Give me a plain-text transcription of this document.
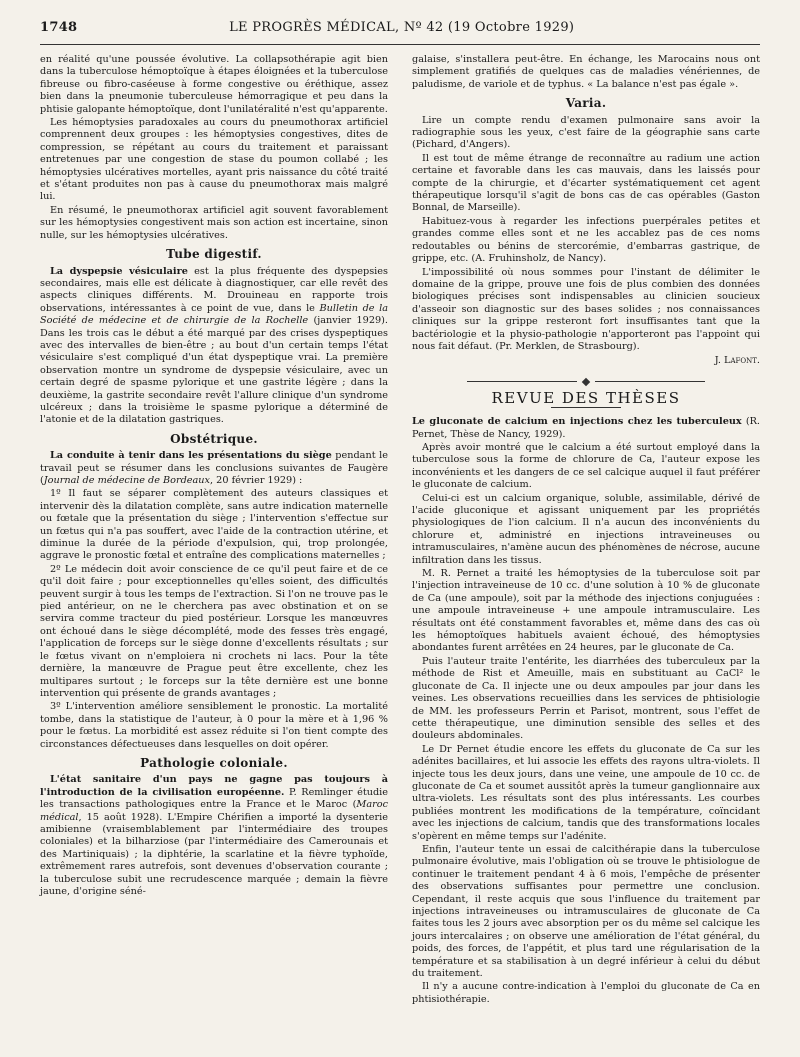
1748	LE PROGRÈS MÉDICAL, Nº 42 (19 Octobre 1929)

en réalité qu'une poussée évolutive. La collapsothérapie agit bien dans la tuberculose hémoptoïque à étapes éloignées et la tuberculose fibreuse ou fibro-caséeuse à forme congestive ou éréthique, assez bien dans la pneumonie tuberculeuse hémorragique et peu dans la phtisie galopante hémoptoïque, dont l'unilatéralité n'est qu'apparente.

Les hémoptysies paradoxales au cours du pneumothorax artificiel comprennent deux groupes : les hémoptysies congestives, dites de compression, se répétant au cours du traitement et paraissant entretenues par une congestion de stase du poumon collabé ; les hémoptysies ulcératives mortelles, ayant pris naissance du côté traité et s'étant produites non pas à cause du pneumothorax mais malgré lui.

En résumé, le pneumothorax artificiel agit souvent favorablement sur les hémoptysies congestivent mais son action est incertaine, sinon nulle, sur les hémoptysies ulcératives.

Tube digestif.

La dyspepsie vésiculaire est la plus fréquente des dyspepsies secondaires, mais elle est délicate à diagnostiquer, car elle revêt des aspects cliniques différents. M. Drouineau en rapporte trois observations, intéressantes à ce point de vue, dans le Bulletin de la Société de médecine et de chirurgie de la Rochelle (janvier 1929). Dans les trois cas le début a été marqué par des crises dyspeptiques avec des intervalles de bien-être ; au bout d'un certain temps l'état vésiculaire s'est compliqué d'un état dyspeptique vrai. La première observation montre un syndrome de dyspepsie vésiculaire, avec un certain degré de spasme pylorique et une gastrite légère ; dans la deuxième, la gastrite secondaire revêt l'allure clinique d'un syndrome ulcéreux ; dans la troisième le spasme pylorique a déterminé de l'atonie et de la dilatation gastriques.

Obstétrique.

La conduite à tenir dans les présentations du siège pendant le travail peut se résumer dans les conclusions suivantes de Faugère (Journal de médecine de Bordeaux, 20 février 1929) :

1º Il faut se séparer complètement des auteurs classiques et intervenir dès la dilatation complète, sans autre indication maternelle ou fœtale que la présentation du siège ; l'intervention s'effectue sur un fœtus qui n'a pas souffert, avec l'aide de la contraction utérine, et diminue la durée de la période d'expulsion, qui, trop prolongée, aggrave le pronostic fœtal et entraîne des complications maternelles ;

2º Le médecin doit avoir conscience de ce qu'il peut faire et de ce qu'il doit faire ; pour exceptionnelles qu'elles soient, des difficultés peuvent surgir à tous les temps de l'extraction. Si l'on ne trouve pas le pied antérieur, on ne le cherchera pas avec obstination et on se servira comme tracteur du pied postérieur. Lorsque les manœuvres ont échoué dans le siège décomplété, mode des fesses très engagé, l'application de forceps sur le siège donne d'excellents résultats ; sur le fœtus vivant on n'emploiera ni crochets ni lacs. Pour la tête dernière, la manœuvre de Prague peut être excellente, chez les multipares surtout ; le forceps sur la tête dernière est une bonne intervention qui présente de grands avantages ;

3º L'intervention améliore sensiblement le pronostic. La mortalité tombe, dans la statistique de l'auteur, à 0 pour la mère et à 1,96 % pour le fœtus. La morbidité est assez réduite si l'on tient compte des circonstances défectueuses dans lesquelles on doit opérer.

Pathologie coloniale.

L'état sanitaire d'un pays ne gagne pas toujours à l'introduction de la civilisation européenne. P. Remlinger étudie les transactions pathologiques entre la France et le Maroc (Maroc médical, 15 août 1928). L'Empire Chérifien a importé la dysenterie amibienne (vraisemblablement par l'intermédiaire des troupes coloniales) et la bilharziose (par l'intermédiaire des Camerounais et des Martiniquais) ; la diphtérie, la scarlatine et la fièvre typhoïde, extrêmement rares autrefois, sont devenues d'observation courante ; la tuberculose subit une recrudescence marquée ; demain la fièvre jaune, d'origine séné-

galaise, s'installera peut-être. En échange, les Marocains nous ont simplement gratifiés de quelques cas de maladies vénériennes, de paludisme, de variole et de typhus. « La balance n'est pas égale ».

Varia.

Lire un compte rendu d'examen pulmonaire sans avoir la radiographie sous les yeux, c'est faire de la géographie sans carte (Pichard, d'Angers).

Il est tout de même étrange de reconnaître au radium une action certaine et favorable dans les cas mauvais, dans les laissés pour compte de la chirurgie, et d'écarter systématiquement cet agent thérapeutique lorsqu'il s'agit de bons cas de cas opérables (Gaston Bonnal, de Marseille).

Habituez-vous à regarder les infections puerpérales petites et grandes comme elles sont et ne les accablez pas de ces noms redoutables ou bénins de stercorémie, d'embarras gastrique, de grippe, etc. (A. Fruhinsholz, de Nancy).

L'impossibilité où nous sommes pour l'instant de délimiter le domaine de la grippe, prouve une fois de plus combien des données biologiques précises sont indispensables au clinicien soucieux d'asseoir son diagnostic sur des bases solides ; nos connaissances cliniques sur la grippe resteront fort insuffisantes tant que la bactériologie et la physio-pathologie n'apporteront pas l'appoint qui nous fait défaut. (Pr. Merklen, de Strasbourg).

J. Lafont.
REVUE DES THÈSES

Le gluconate de calcium en injections chez les tuberculeux (R. Pernet, Thèse de Nancy, 1929).

Après avoir montré que le calcium a été surtout employé dans la tuberculose sous la forme de chlorure de Ca, l'auteur expose les inconvénients et les dangers de ce sel calcique auquel il faut préférer le gluconate de calcium.

Celui-ci est un calcium organique, soluble, assimilable, dérivé de l'acide gluconique et agissant uniquement par les propriétés physiologiques de l'ion calcium. Il n'a aucun des inconvénients du chlorure et, administré en injections intraveineuses ou intramusculaires, n'amène aucun des phénomènes de nécrose, aucune infiltration dans les tissus.

M. R. Pernet a traité les hémoptysies de la tuberculose soit par l'injection intraveineuse de 10 cc. d'une solution à 10 % de gluconate de Ca (une ampoule), soit par la méthode des injections conjuguées : une ampoule intraveineuse + une ampoule intramusculaire. Les résultats ont été constamment favorables et, même dans des cas où les hémoptoïques habituels avaient échoué, des hémoptysies abondantes furent arrêtées en 24 heures, par le gluconate de Ca.

Puis l'auteur traite l'entérite, les diarrhées des tuberculeux par la méthode de Rist et Ameuille, mais en substituant au CaCl² le gluconate de Ca. Il injecte une ou deux ampoules par jour dans les veines. Les observations recueillies dans les services de phtisiologie de MM. les professeurs Perrin et Parisot, montrent, sous l'effet de cette thérapeutique, une diminution sensible des selles et des douleurs abdominales.

Le Dr Pernet étudie encore les effets du gluconate de Ca sur les adénites bacillaires, et lui associe les effets des rayons ultra-violets. Il injecte tous les deux jours, dans une veine, une ampoule de 10 cc. de gluconate de Ca et soumet aussitôt après la tumeur ganglionnaire aux ultra-violets. Les résultats sont des plus intéressants. Les courbes publiées montrent les modifications de la température, coïncidant avec les injections de calcium, tandis que des transformations locales s'opèrent en même temps sur l'adénite.

Enfin, l'auteur tente un essai de calcithérapie dans la tuberculose pulmonaire évolutive, mais l'obligation où se trouve le phtisiologue de continuer le traitement pendant 4 à 6 mois, l'empêche de présenter des observations suffisantes pour permettre une conclusion. Cependant, il reste acquis que sous l'influence du traitement par injections intraveineuses ou intramusculaires de gluconate de Ca faites tous les 2 jours avec absorption per os du même sel calcique les jours intercalaires ; on observe une amélioration de l'état général, du poids, des forces, de l'appétit, et plus tard une régularisation de la température et sa stabilisation à un degré inférieur à celui du début du traitement.

Il n'y a aucune contre-indication à l'emploi du gluconate de Ca en phtisiothérapie.
